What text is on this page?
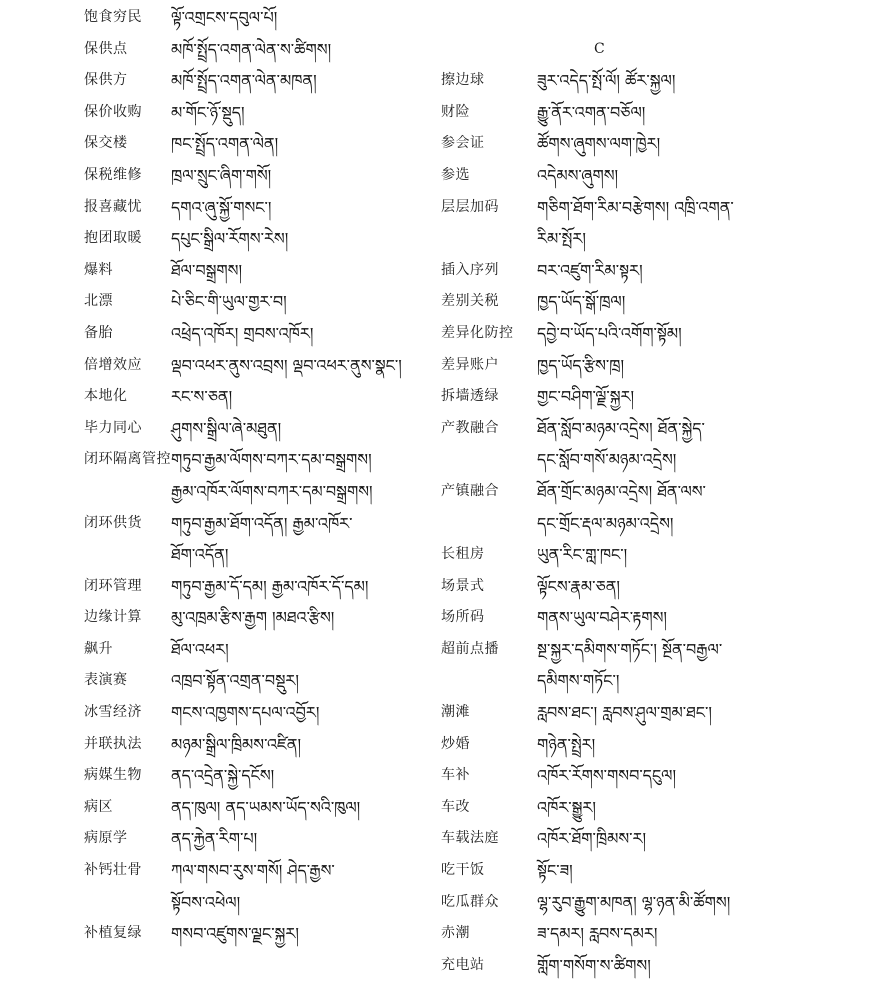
饱食穷民 ལྟོ་འགྲངས་དབུལ་པོ།
保供点	མཁོ་སྤྲོད་འགན་ལེན་ས་ཚིགས།
保供方	མཁོ་སྤྲོད་འགན་ལེན་མཁན།
保价收购 མ་གོང་ཉོ་སྡུད།
保交楼	ཁང་སྤྲོད་འགན་ལེན།
保税维修 ཁྲལ་སྲུང་ཞིག་གསོ།
报喜藏忧 དགའ་ཞུ་སྐྱོ་གསང་།
抱团取暖 དཔུང་སྒྲིལ་རོགས་རེས།
爆料	ཐོལ་བསྒྲགས།
北漂	པེ་ཅིང་གི་ཡུལ་གྱར་བ།
备胎	འཕྲེད་འཁོར། གྲབས་འཁོར།
倍增效应 ལྡབ་འཕར་ནུས་འབྲས། ལྡབ་འཕར་ནུས་སྣང་།
本地化	རང་ས་ཅན།
毕力同心 ཤུགས་སྒྲིལ་ཞེ་མཐུན།
闭环隔离管控 གཏུབ་རྒྱམ་ལོགས་བཀར་དམ་བསྒྲགས།
རྒྱམ་འཁོར་ལོགས་བཀར་དམ་བསྒྲགས།
闭环供货 གཏུབ་རྒྱམ་ཐོག་འདོན། རྒྱམ་འཁོར་
ཐོག་འདོན།
闭环管理 གཏུབ་རྒྱམ་དོ་དམ། རྒྱམ་འཁོར་དོ་དམ།
边缘计算 མུ་འཁྲམ་རྩིས་རྒྱག །མཐའ་རྩིས།
飙升	ཐོལ་འཕར།
表演赛	འཁྲབ་སྟོན་འགྲན་བསྡུར།
冰雪经济 གངས་འཁྱགས་དཔལ་འབྱོར།
并联执法 མཉམ་སྒྲིལ་ཁྲིམས་འཛིན།
病媒生物 ནད་འདྲེན་སྐྱེ་དངོས།
病区	ནད་ཁུལ། ནད་ཡམས་ཡོད་སའི་ཁུལ།
病原学	ནད་རྐྱེན་རིག་པ།
补钙壮骨 ཀལ་གསབ་རུས་གསོ། ཤེད་རྒྱས་
སྟོབས་འཕེལ།
补植复绿 གསབ་འཛུགས་ལྗང་སྐྱར།
C
擦边球	ཟུར་འདེད་སྤོ་ལོ། ཚོར་སྐྱལ།
财险	རྒྱུ་ནོར་འགན་བཅོལ།
参会证	ཚོགས་ཞུགས་ལག་ཁྱེར།
参选	འདེམས་ཞུགས།
层层加码 གཅིག་ཐོག་རིམ་བརྩེགས། འཁྲི་འགན་
རིམ་སྤོར།
插入序列 བར་འཛུག་རིམ་སྟར།
差别关税 ཁྱད་ཡོད་སྒོ་ཁྲལ།
差异化防控 དབྱེ་བ་ཡོད་པའི་འགོག་སྟོམ།
差异账户 ཁྱད་ཡོད་རྩིས་ཁྲ།
拆墙透绿 གྱང་བཤིག་ལྗོ་སྐྱར།
产教融合 ཐོན་སློབ་མཉམ་འདྲེས། ཐོན་སྐྱེད་
དང་སློབ་གསོ་མཉམ་འདྲེས།
产镇融合 ཐོན་གྲོང་མཉམ་འདྲེས། ཐོན་ལས་
དང་གྲོང་རྡལ་མཉམ་འདྲེས།
长租房	ཡུན་རིང་གླ་ཁང་།
场景式	ལྟོངས་རྣམ་ཅན།
场所码	གནས་ཡུལ་བཤེར་རྟགས།
超前点播 སྔ་སྐྱར་དམིགས་གཏོང་། སྔོན་བརྒྱལ་
དམིགས་གཏོང་།
潮滩	རླབས་ཐང་། རླབས་ཤུལ་གྲམ་ཐང་།
炒婚	གཉེན་སྤྲེར།
车补	འཁོར་རོགས་གསབ་དངུལ།
车改	འཁོར་སྒྱུར།
车载法庭 འཁོར་ཐོག་ཁྲིམས་ར།
吃干饭	སྟོང་ཟ།
吃瓜群众 ལྷ་རུབ་རྒྱུག་མཁན། ལྷ་ཉན་མི་ཚོགས།
赤潮	ཟ་དམར། རླབས་དམར།
充电站	གློག་གསོག་ས་ཚིགས།
